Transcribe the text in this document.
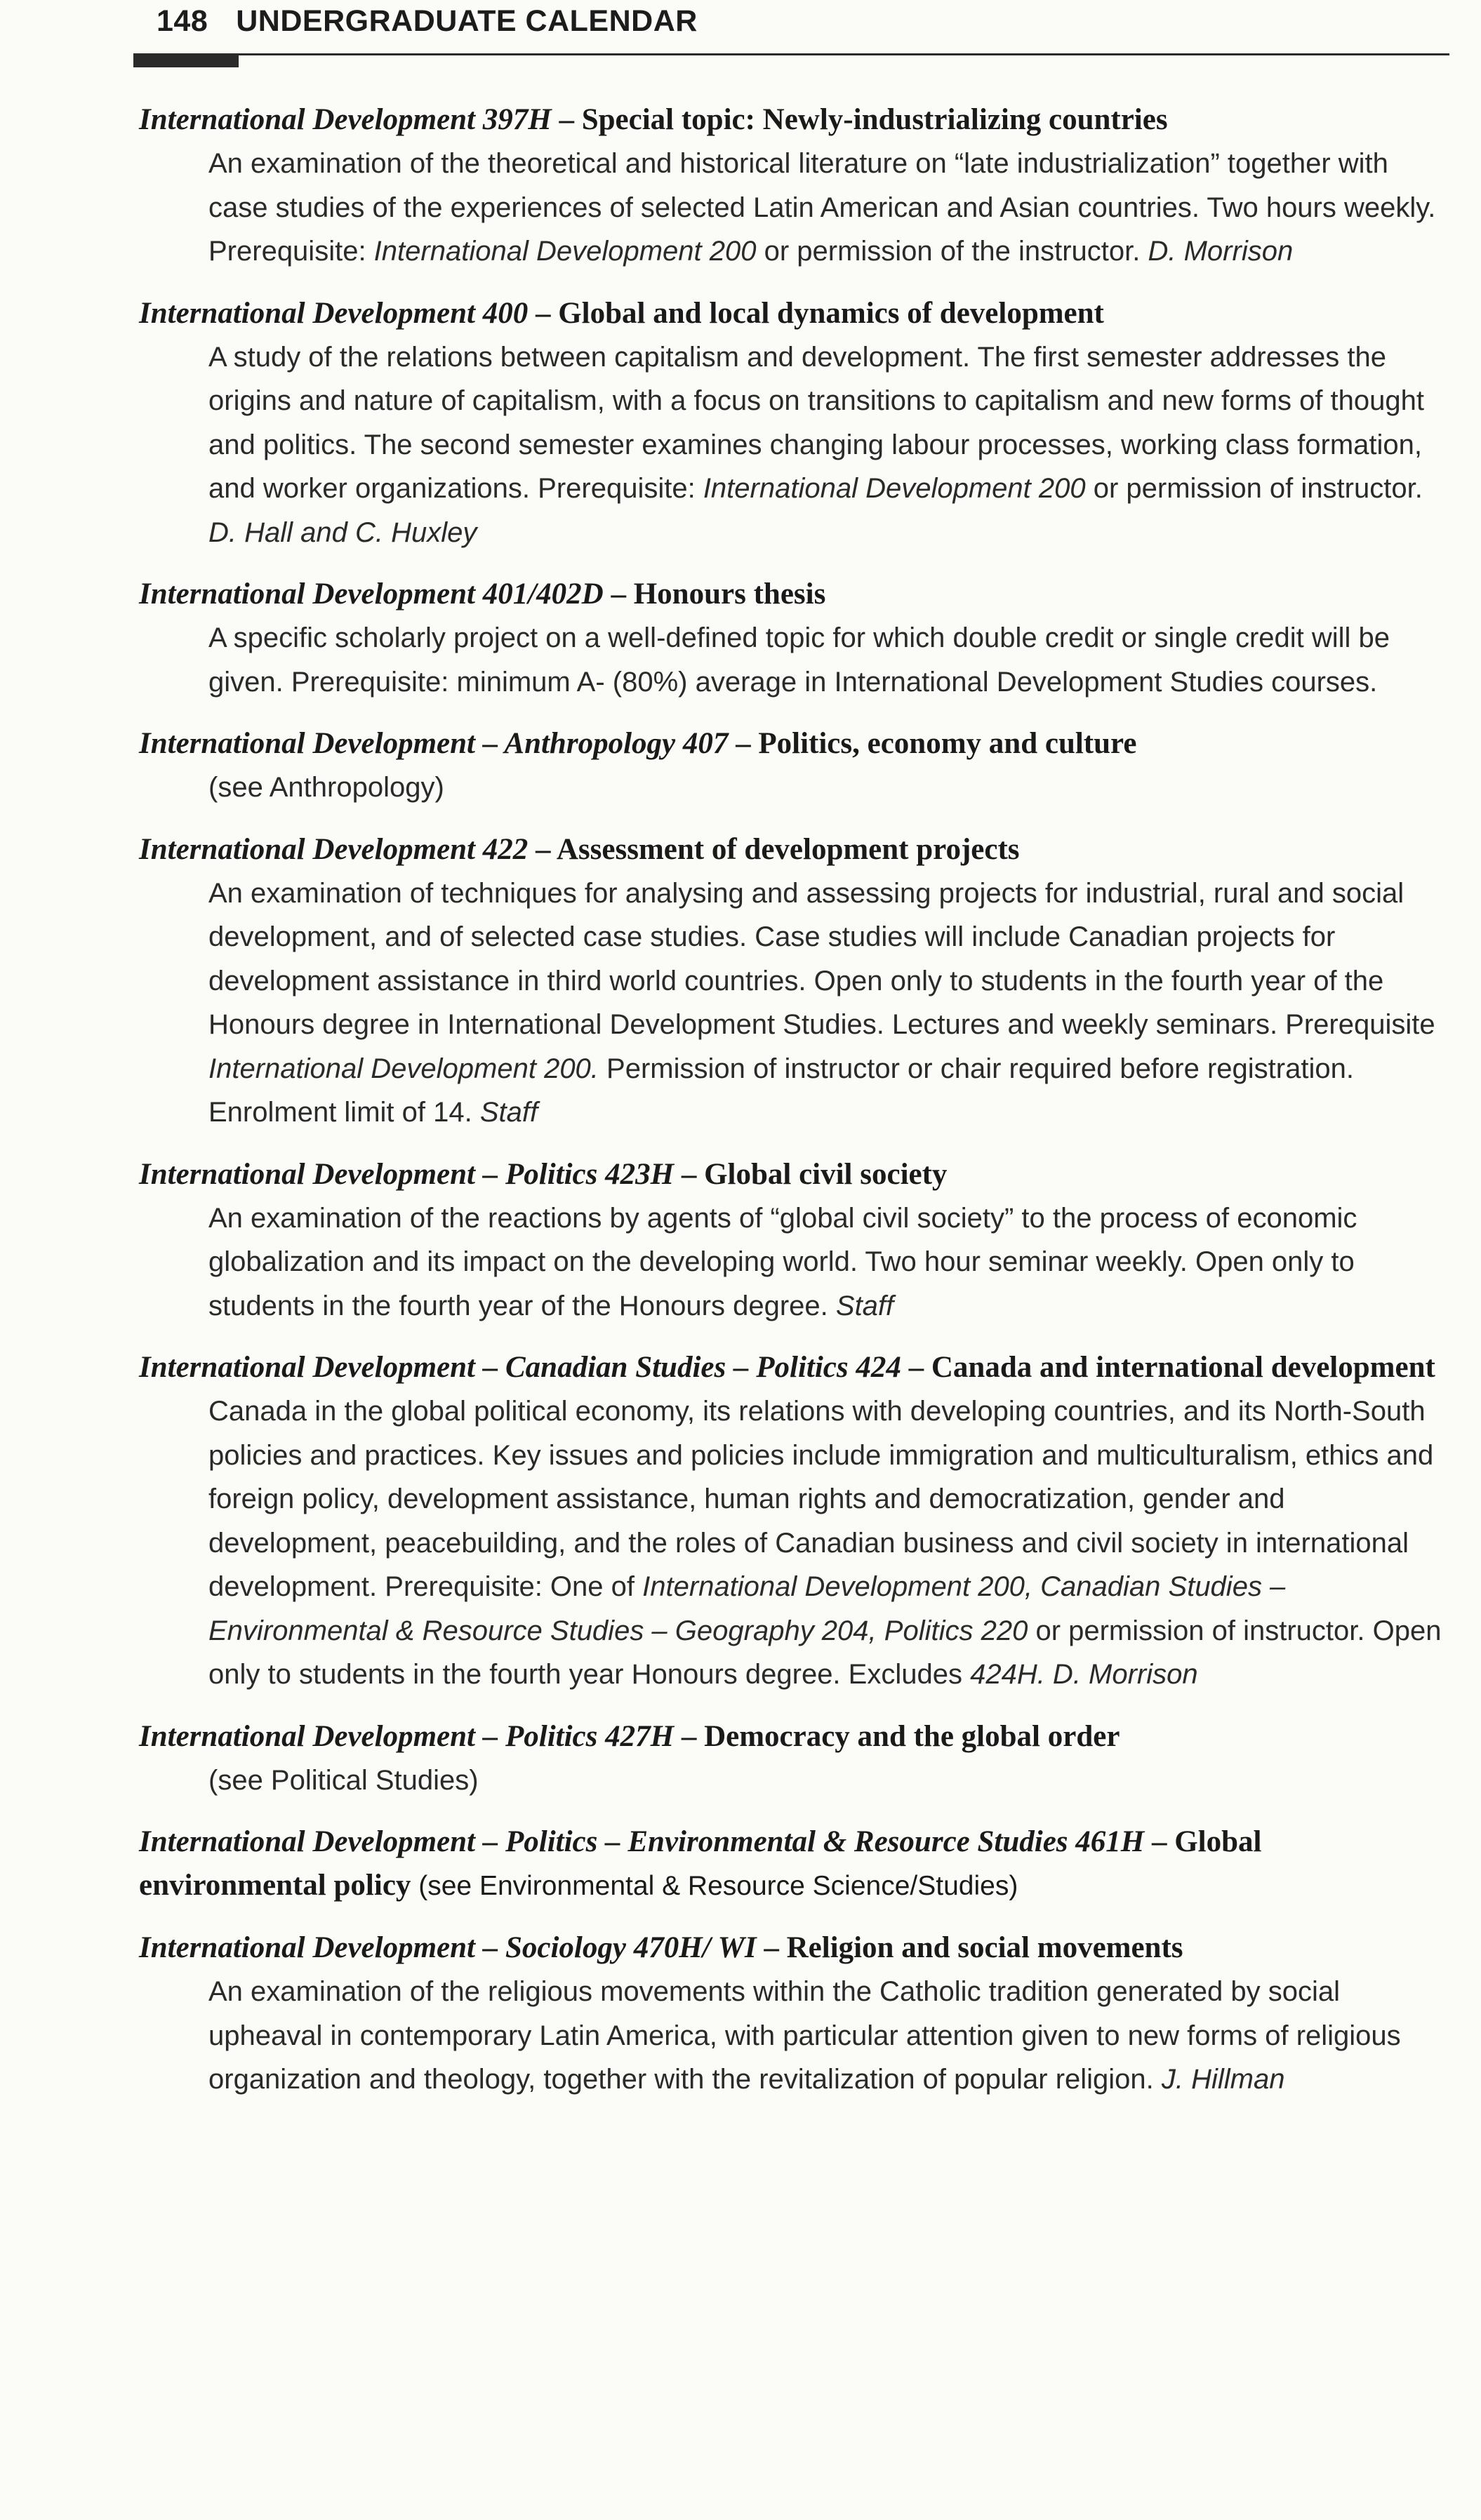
148 UNDERGRADUATE CALENDAR
International Development 397H – Special topic: Newly-industrializing countries
An examination of the theoretical and historical literature on “late industrialization” together with case studies of the experiences of selected Latin American and Asian countries. Two hours weekly. Prerequisite: International Development 200 or permission of the instructor. D. Morrison
International Development 400 – Global and local dynamics of development
A study of the relations between capitalism and development. The first semester addresses the origins and nature of capitalism, with a focus on transitions to capitalism and new forms of thought and politics. The second semester examines changing labour processes, working class formation, and worker organizations. Prerequisite: International Development 200 or permission of instructor. D. Hall and C. Huxley
International Development 401/402D – Honours thesis
A specific scholarly project on a well-defined topic for which double credit or single credit will be given. Prerequisite: minimum A- (80%) average in International Development Studies courses.
International Development – Anthropology 407 – Politics, economy and culture
(see Anthropology)
International Development 422 – Assessment of development projects
An examination of techniques for analysing and assessing projects for industrial, rural and social development, and of selected case studies. Case studies will include Canadian projects for development assistance in third world countries. Open only to students in the fourth year of the Honours degree in International Development Studies. Lectures and weekly seminars. Prerequisite International Development 200. Permission of instructor or chair required before registration. Enrolment limit of 14. Staff
International Development – Politics 423H – Global civil society
An examination of the reactions by agents of “global civil society” to the process of economic globalization and its impact on the developing world. Two hour seminar weekly. Open only to students in the fourth year of the Honours degree. Staff
International Development – Canadian Studies – Politics 424 – Canada and international development
Canada in the global political economy, its relations with developing countries, and its North-South policies and practices. Key issues and policies include immigration and multiculturalism, ethics and foreign policy, development assistance, human rights and democratization, gender and development, peacebuilding, and the roles of Canadian business and civil society in international development. Prerequisite: One of International Development 200, Canadian Studies – Environmental & Resource Studies – Geography 204, Politics 220 or permission of instructor. Open only to students in the fourth year Honours degree. Excludes 424H. D. Morrison
International Development – Politics 427H – Democracy and the global order
(see Political Studies)
International Development – Politics – Environmental & Resource Studies 461H – Global environmental policy (see Environmental & Resource Science/Studies)
International Development – Sociology 470H/ WI – Religion and social movements
An examination of the religious movements within the Catholic tradition generated by social upheaval in contemporary Latin America, with particular attention given to new forms of religious organization and theology, together with the revitalization of popular religion. J. Hillman
